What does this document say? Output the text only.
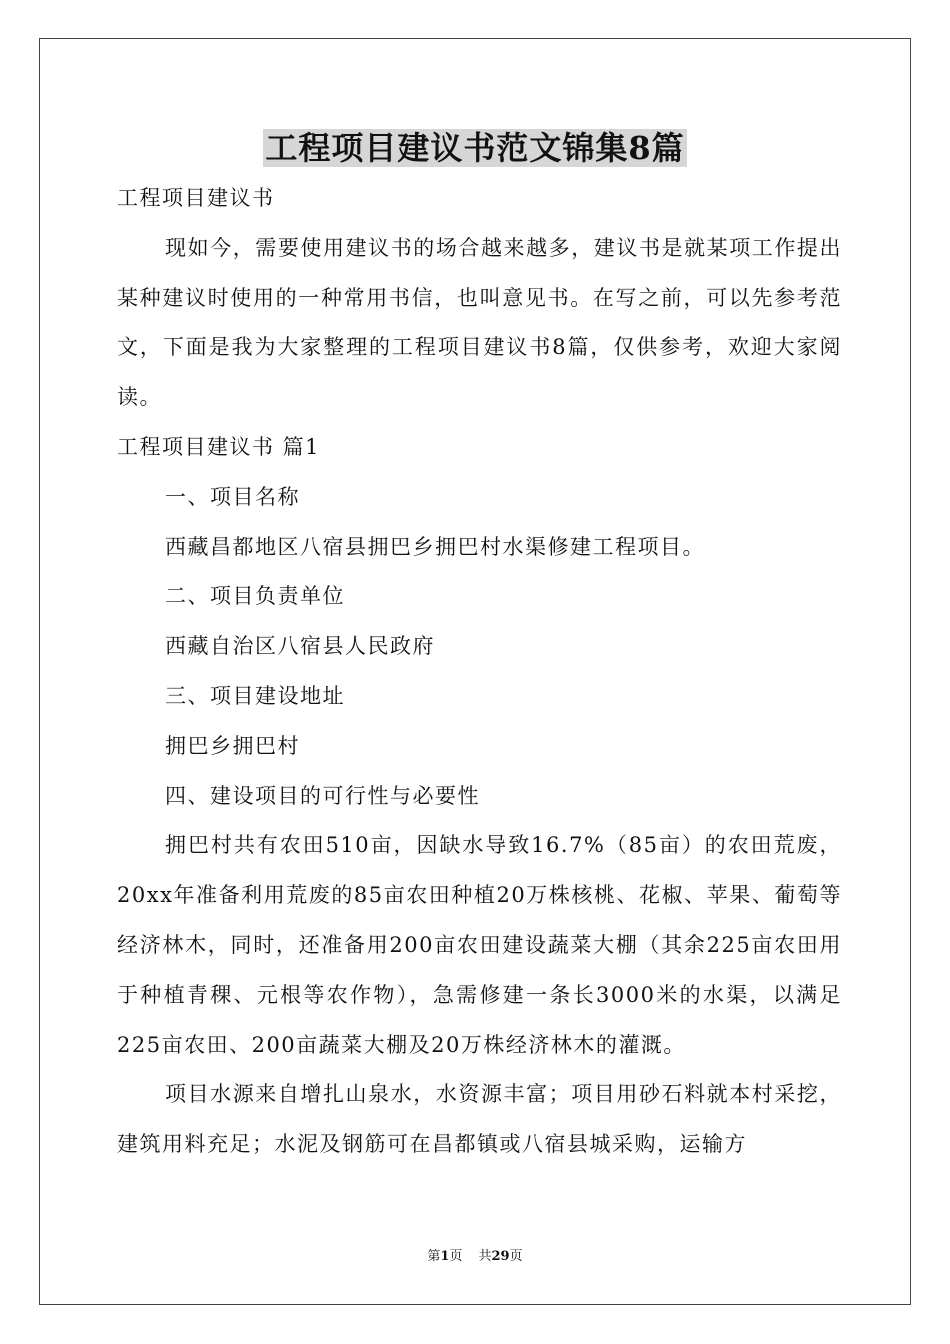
工程项目建议书范文锦集8篇

工程项目建议书

现如今，需要使用建议书的场合越来越多，建议书是就某项工作提出某种建议时使用的一种常用书信，也叫意见书。在写之前，可以先参考范文，下面是我为大家整理的工程项目建议书8篇，仅供参考，欢迎大家阅读。

工程项目建议书 篇1

一、项目名称

西藏昌都地区八宿县拥巴乡拥巴村水渠修建工程项目。

二、项目负责单位

西藏自治区八宿县人民政府

三、项目建设地址

拥巴乡拥巴村

四、建设项目的可行性与必要性

拥巴村共有农田510亩，因缺水导致16.7%（85亩）的农田荒废，20xx年准备利用荒废的85亩农田种植20万株核桃、花椒、苹果、葡萄等经济林木，同时，还准备用200亩农田建设蔬菜大棚（其余225亩农田用于种植青稞、元根等农作物），急需修建一条长3000米的水渠，以满足225亩农田、200亩蔬菜大棚及20万株经济林木的灌溉。

项目水源来自增扎山泉水，水资源丰富；项目用砂石料就本村采挖，建筑用料充足；水泥及钢筋可在昌都镇或八宿县城采购，运输方

第1页 共29页
